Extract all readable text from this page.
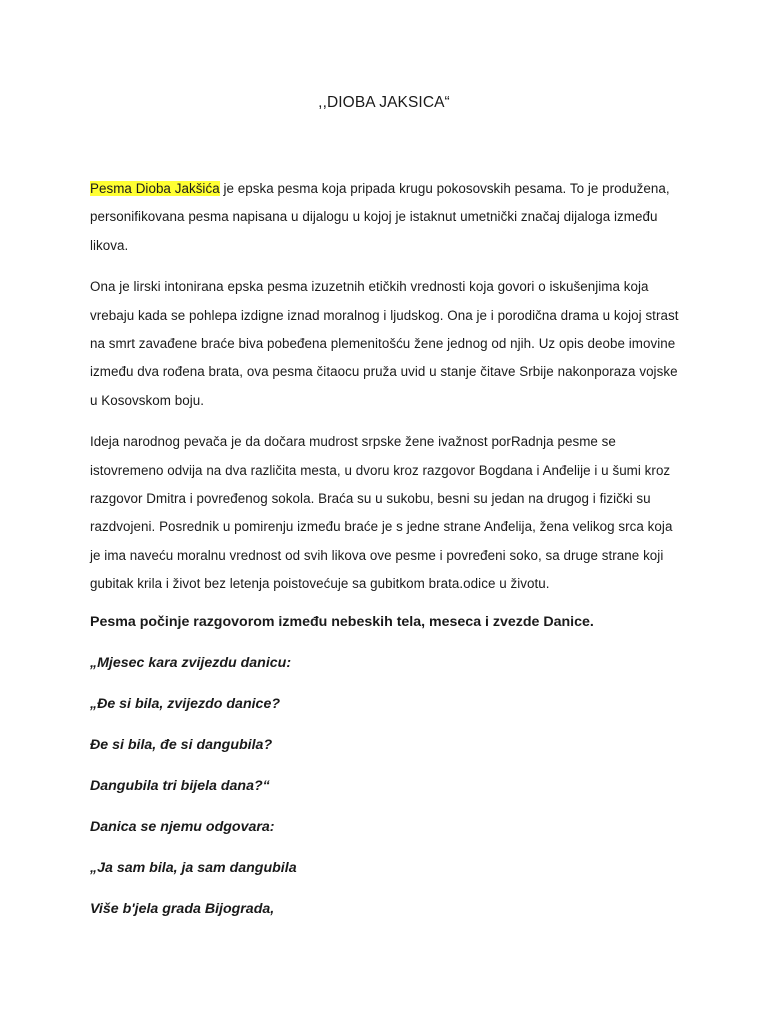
,,DIOBA JAKSICA“

Pesma Dioba Jakšića je epska pesma koja pripada krugu pokosovskih pesama. To je produžena, personifikovana pesma napisana u dijalogu u kojoj je istaknut umetnički značaj dijaloga između likova.

Ona je lirski intonirana epska pesma izuzetnih etičkih vrednosti koja govori o iskušenjima koja vrebaju kada se pohlepa izdigne iznad moralnog i ljudskog. Ona je i porodična drama u kojoj strast na smrt zavađene braće biva pobeđena plemenitošću žene jednog od njih. Uz opis deobe imovine između dva rođena brata, ova pesma čitaocu pruža uvid u stanje čitave Srbije nakonporaza vojske u Kosovskom boju.

Ideja narodnog pevača je da dočara mudrost srpske žene ivažnost porRadnja pesme se istovremeno odvija na dva različita mesta, u dvoru kroz razgovor Bogdana i Anđelije i u šumi kroz razgovor Dmitra i povređenog sokola. Braća su u sukobu, besni su jedan na drugog i fizički su razdvojeni. Posrednik u pomirenju između braće je s jedne strane Anđelija, žena velikog srca koja je ima naveću moralnu vrednost od svih likova ove pesme i povređeni soko, sa druge strane koji gubitak krila i život bez letenja poistovećuje sa gubitkom brata.odice u životu.

Pesma počinje razgovorom između nebeskih tela, meseca i zvezde Danice.

„Mjesec kara zvijezdu danicu:

„Đe si bila, zvijezdo danice?

Đe si bila, đe si dangubila?

Dangubila tri bijela dana?“

Danica se njemu odgovara:

„Ja sam bila, ja sam dangubila

Više b'jela grada Bijograda,
